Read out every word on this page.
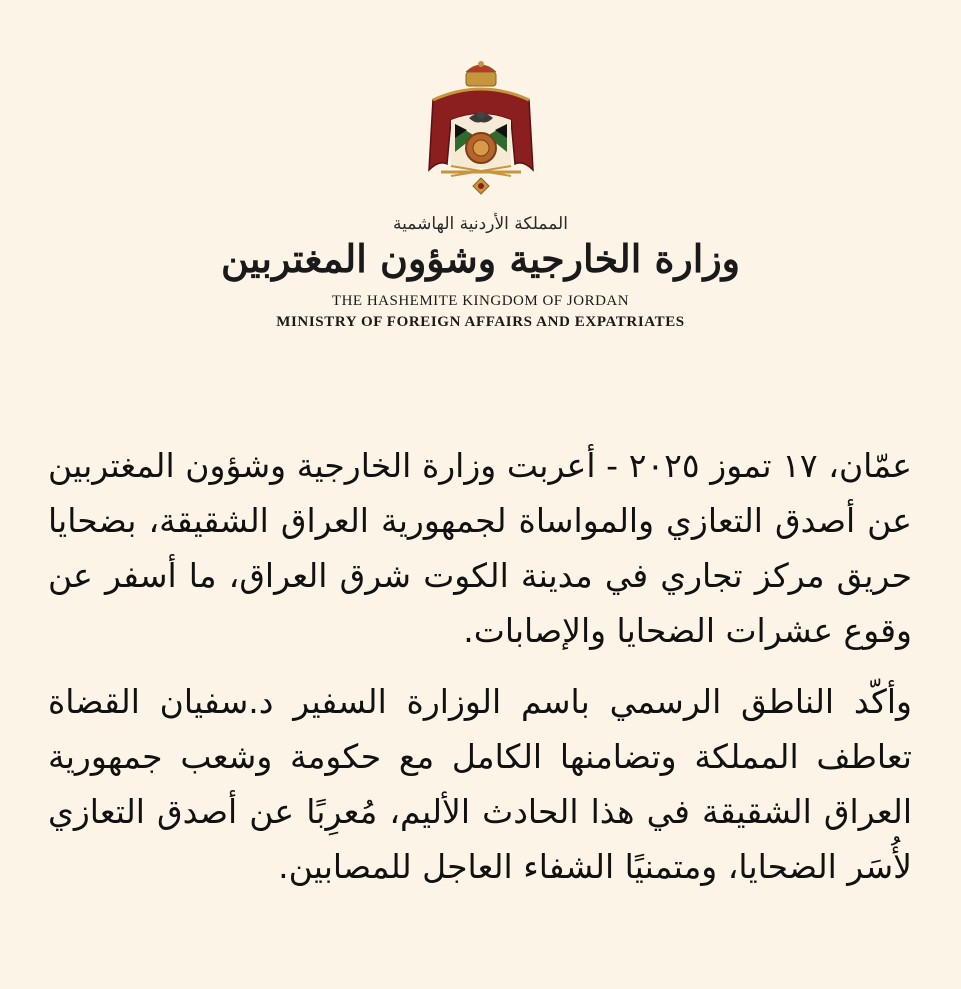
المملكة الأردنية الهاشمية
وزارة الخارجية وشؤون المغتربين
THE HASHEMITE KINGDOM OF JORDAN
MINISTRY OF FOREIGN AFFAIRS AND EXPATRIATES

عمّان، ١٧ تموز ٢٠٢٥ - أعربت وزارة الخارجية وشؤون المغتربين عن أصدق التعازي والمواساة لجمهورية العراق الشقيقة، بضحايا حريق مركز تجاري في مدينة الكوت شرق العراق، ما أسفر عن وقوع عشرات الضحايا والإصابات.

وأكّد الناطق الرسمي باسم الوزارة السفير د.سفيان القضاة تعاطف المملكة وتضامنها الكامل مع حكومة وشعب جمهورية العراق الشقيقة في هذا الحادث الأليم، مُعرِبًا عن أصدق التعازي لأُسَر الضحايا، ومتمنيًا الشفاء العاجل للمصابين.
